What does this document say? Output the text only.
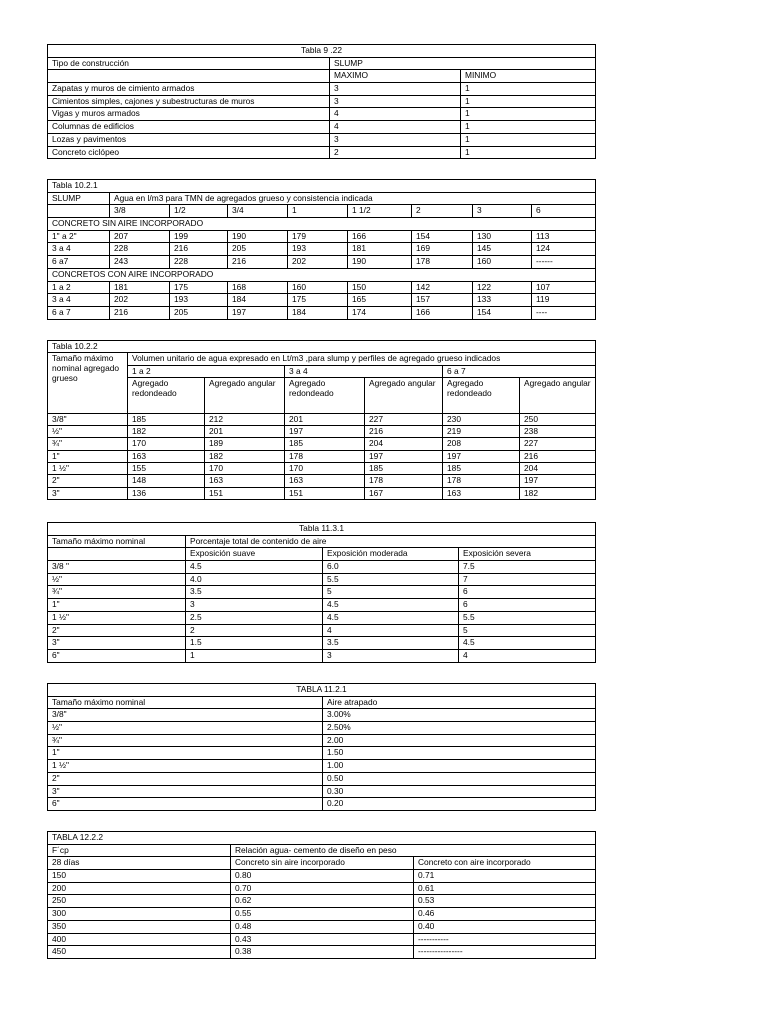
Tabla 9 .22		
Tipo de construcción	SLUMP	
	MAXIMO	MINIMO
Zapatas y muros de cimiento armados	3	1
Cimientos simples, cajones y subestructuras de muros	3	1
Vigas y muros armados	4	1
Columnas de edificios	4	1
Lozas y pavimentos	3	1
Concreto ciclópeo	2	1
Tabla 10.2.1								
SLUMP	Agua en l/m3 para TMN de agregados grueso y consistencia indicada							
	3/8	1/2	3/4	1	1 1/2	2	3	6
CONCRETO SIN AIRE INCORPORADO								
1" a 2"	207	199	190	179	166	154	130	113
3 a 4	228	216	205	193	181	169	145	124
6 a7	243	228	216	202	190	178	160	------
CONCRETOS CON AIRE INCORPORADO								
1 a 2	181	175	168	160	150	142	122	107
3 a 4	202	193	184	175	165	157	133	119
6 a 7	216	205	197	184	174	166	154	----
Tabla 10.2.2						
Tamaño máximo nominal agregado grueso	Volumen unitario de agua expresado en Lt/m3 ,para slump y perfiles de agregado grueso indicados					
	1 a 2		3 a 4		6 a 7	
	Agregado redondeado	Agregado angular	Agregado redondeado	Agregado angular	Agregado redondeado	Agregado angular
3/8"	185	212	201	227	230	250
½"	182	201	197	216	219	238
¾"	170	189	185	204	208	227
1"	163	182	178	197	197	216
1 ½"	155	170	170	185	185	204
2"	148	163	163	178	178	197
3"	136	151	151	167	163	182
Tabla 11.3.1			
Tamaño máximo nominal	Porcentaje total de contenido de aire		
	Exposición suave	Exposición moderada	Exposición severa
3/8 "	4.5	6.0	7.5
½"	4.0	5.5	7
¾"	3.5	5	6
1"	3	4.5	6
1 ½"	2.5	4.5	5.5
2"	2	4	5
3"	1.5	3.5	4.5
6"	1	3	4
TABLA 11.2.1	
Tamaño máximo nominal	Aire atrapado
3/8"	3.00%
½"	2.50%
¾"	2.00
1"	1.50
1 ½"	1.00
2"	0.50
3"	0.30
6"	0.20
TABLA 12.2.2		
F´cp	Relación agua- cemento de diseño en peso	
28 días	Concreto sin aire incorporado	Concreto con aire incorporado
150	0.80	0.71
200	0.70	0.61
250	0.62	0.53
300	0.55	0.46
350	0.48	0.40
400	0.43	-----------
450	0.38	----------------
